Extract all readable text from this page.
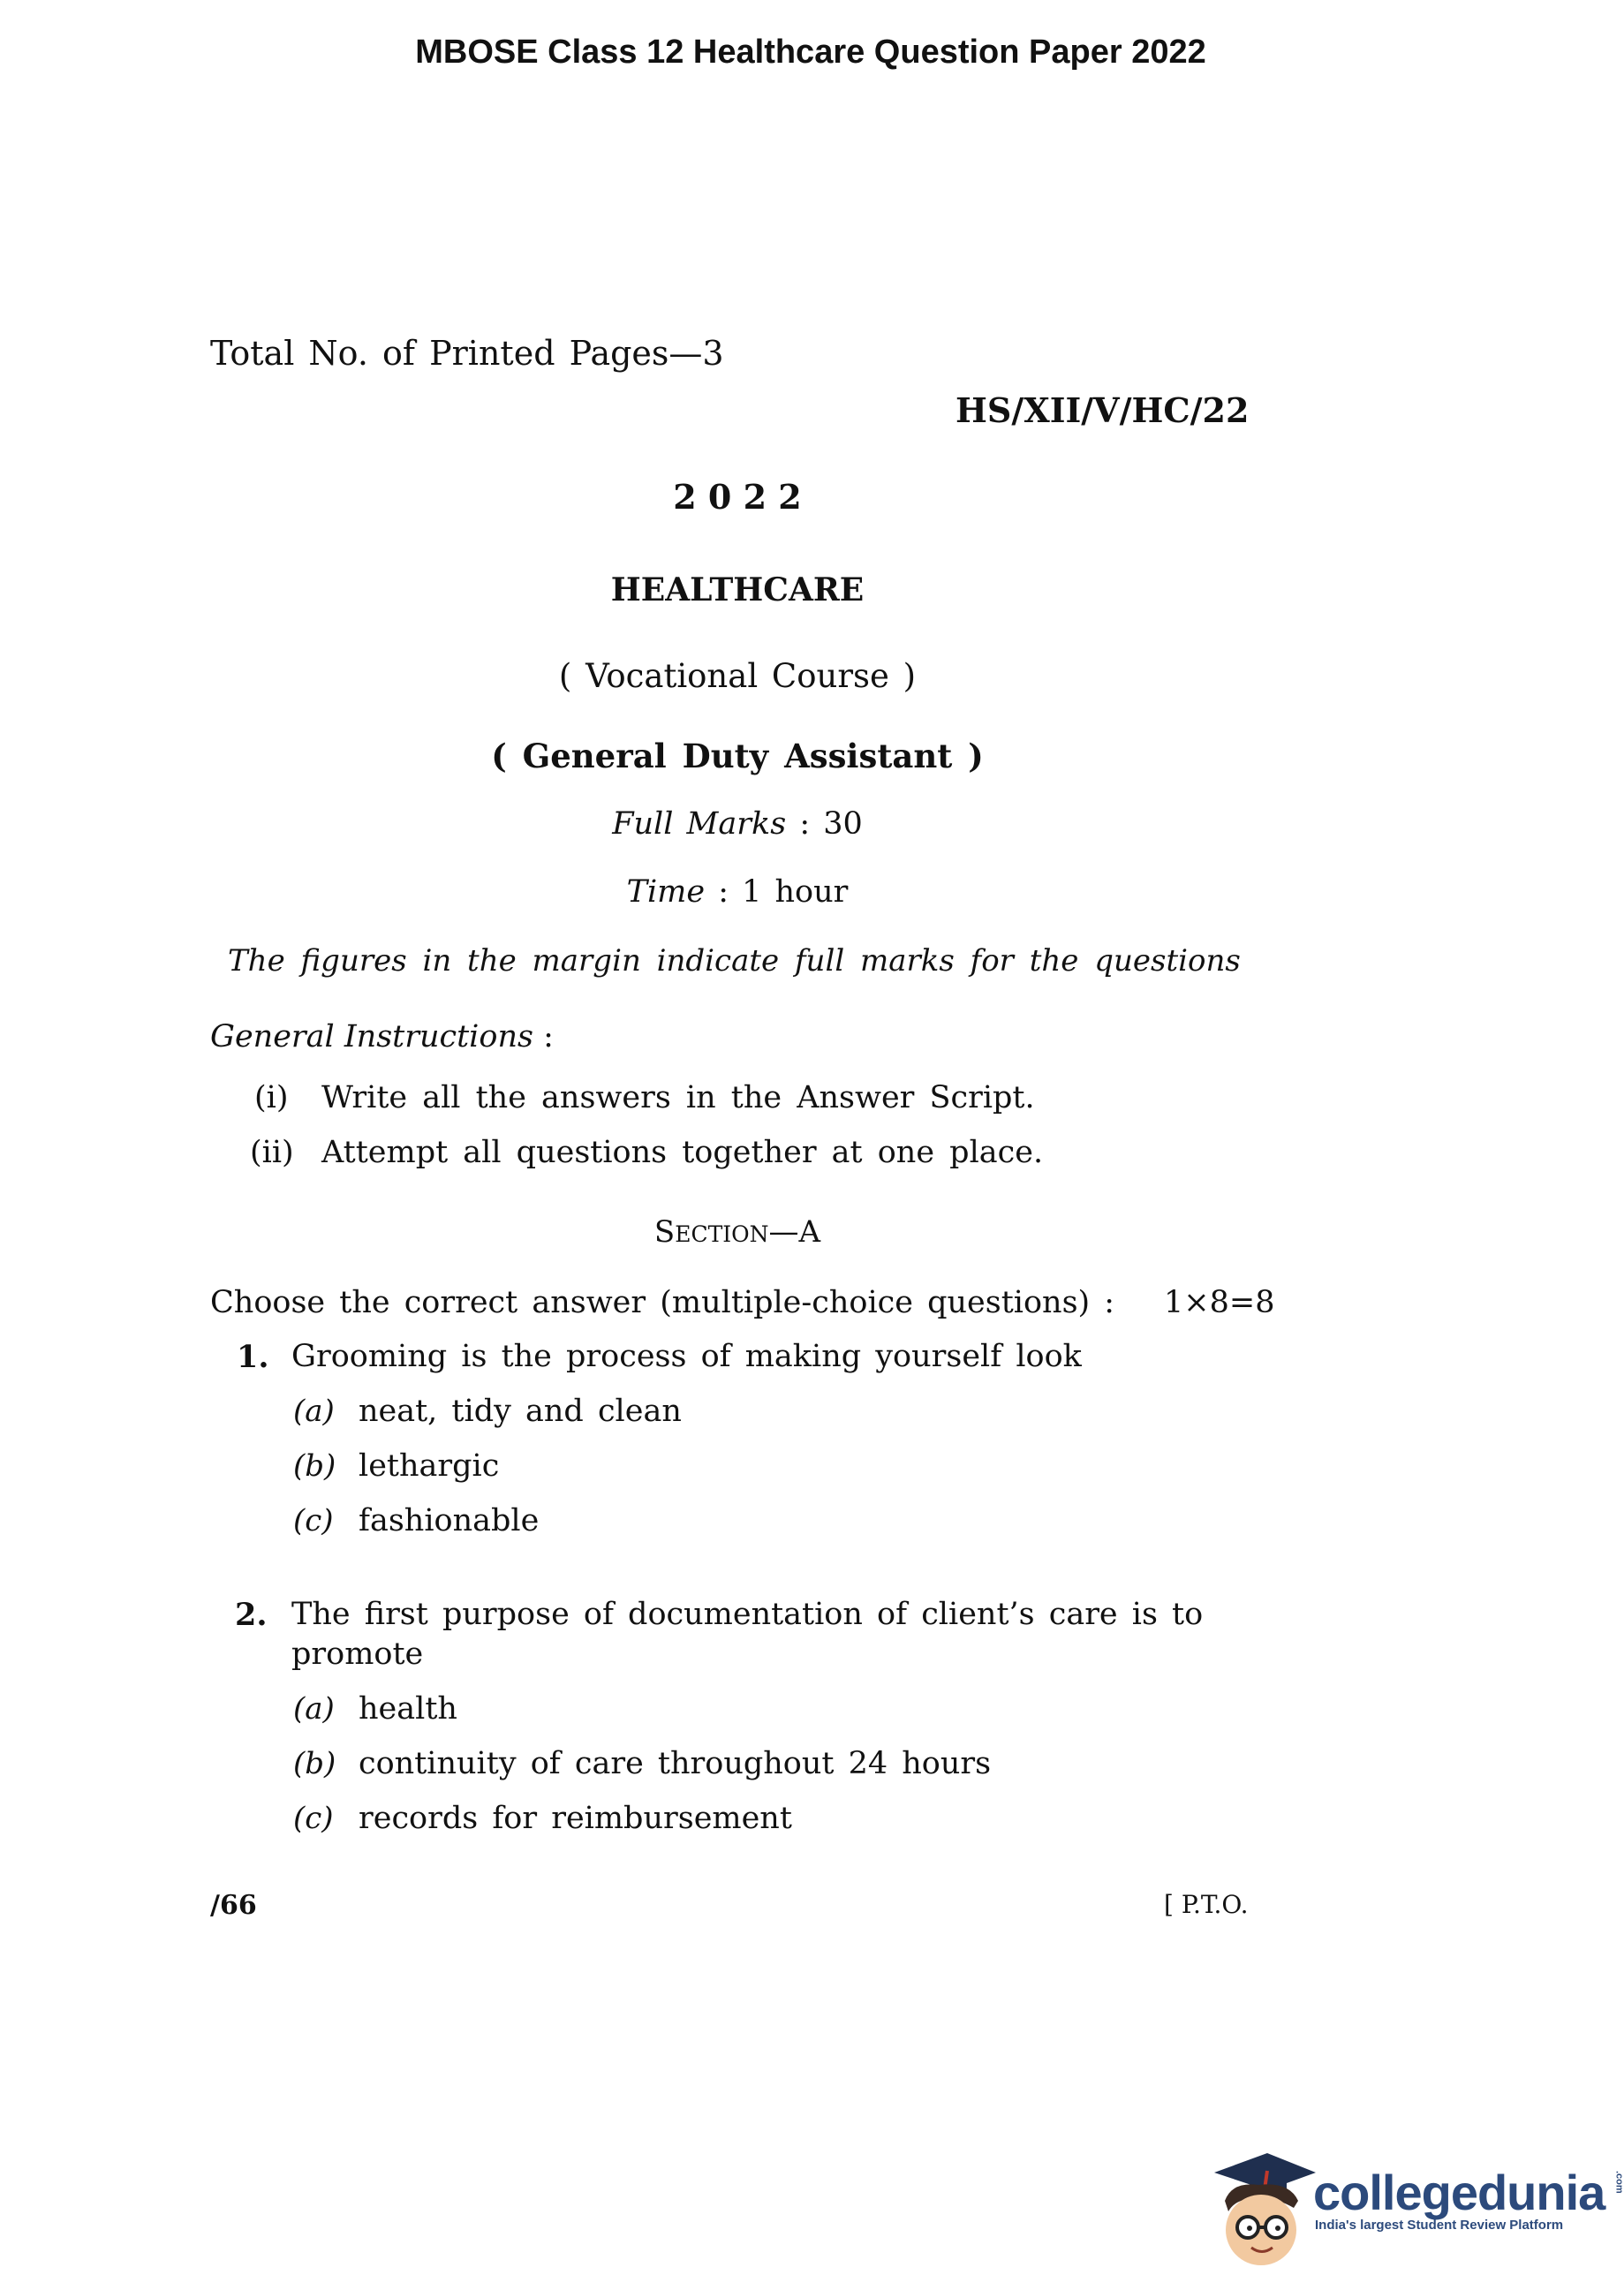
MBOSE Class 12 Healthcare Question Paper 2022
Total No. of Printed Pages—3
HS/XII/V/HC/22
2 0 2 2
HEALTHCARE
( Vocational Course )
( General Duty Assistant )
Full Marks : 30
Time : 1 hour
The figures in the margin indicate full marks for the questions
General Instructions :
(i) Write all the answers in the Answer Script.
(ii) Attempt all questions together at one place.
SECTION—A
Choose the correct answer (multiple-choice questions) : 1×8=8
1. Grooming is the process of making yourself look
(a) neat, tidy and clean
(b) lethargic
(c) fashionable
2. The first purpose of documentation of client’s care is to
promote
(a) health
(b) continuity of care throughout 24 hours
(c) records for reimbursement
/66	[ P.T.O.
collegedunia .com
India's largest Student Review Platform
